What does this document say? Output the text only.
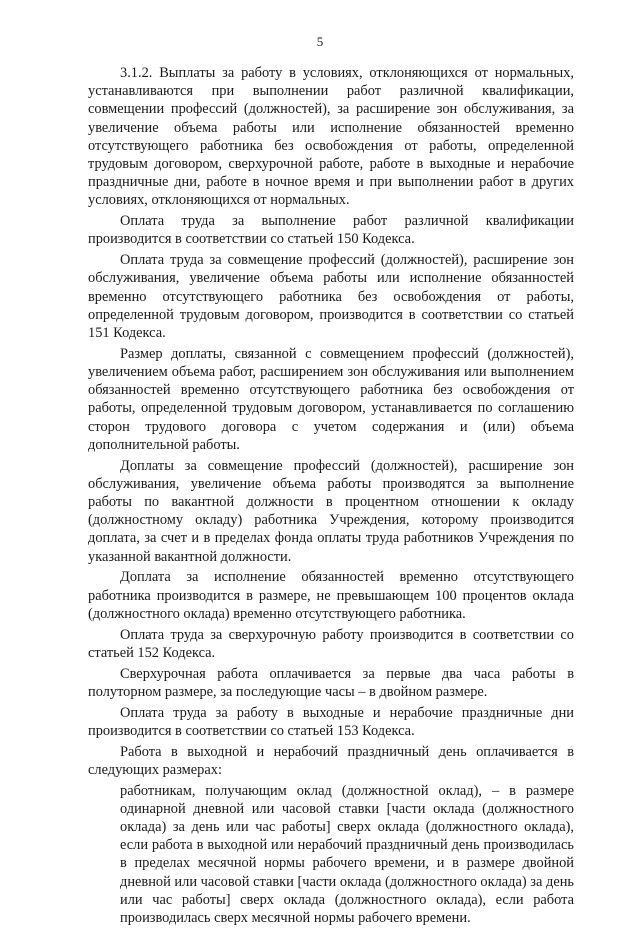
5

3.1.2. Выплаты за работу в условиях, отклоняющихся от нормальных, устанавливаются при выполнении работ различной квалификации, совмещении профессий (должностей), за расширение зон обслуживания, за увеличение объема работы или исполнение обязанностей временно отсутствующего работника без освобождения от работы, определенной трудовым договором, сверхурочной работе, работе в выходные и нерабочие праздничные дни, работе в ночное время и при выполнении работ в других условиях, отклоняющихся от нормальных.

Оплата труда за выполнение работ различной квалификации производится в соответствии со статьей 150 Кодекса.

Оплата труда за совмещение профессий (должностей), расширение зон обслуживания, увеличение объема работы или исполнение обязанностей временно отсутствующего работника без освобождения от работы, определенной трудовым договором, производится в соответствии со статьей 151 Кодекса.

Размер доплаты, связанной с совмещением профессий (должностей), увеличением объема работ, расширением зон обслуживания или выполнением обязанностей временно отсутствующего работника без освобождения от работы, определенной трудовым договором, устанавливается по соглашению сторон трудового договора с учетом содержания и (или) объема дополнительной работы.

Доплаты за совмещение профессий (должностей), расширение зон обслуживания, увеличение объема работы производятся за выполнение работы по вакантной должности в процентном отношении к окладу (должностному окладу) работника Учреждения, которому производится доплата, за счет и в пределах фонда оплаты труда работников Учреждения по указанной вакантной должности.

Доплата за исполнение обязанностей временно отсутствующего работника производится в размере, не превышающем 100 процентов оклада (должностного оклада) временно отсутствующего работника.

Оплата труда за сверхурочную работу производится в соответствии со статьей 152 Кодекса.

Сверхурочная работа оплачивается за первые два часа работы в полуторном размере, за последующие часы – в двойном размере.

Оплата труда за работу в выходные и нерабочие праздничные дни производится в соответствии со статьей 153 Кодекса.

Работа в выходной и нерабочий праздничный день оплачивается в следующих размерах:

работникам, получающим оклад (должностной оклад), – в размере одинарной дневной или часовой ставки [части оклада (должностного оклада) за день или час работы] сверх оклада (должностного оклада), если работа в выходной или нерабочий праздничный день производилась в пределах месячной нормы рабочего времени, и в размере двойной дневной или часовой ставки [части оклада (должностного оклада) за день или час работы] сверх оклада (должностного оклада), если работа производилась сверх месячной нормы рабочего времени.
